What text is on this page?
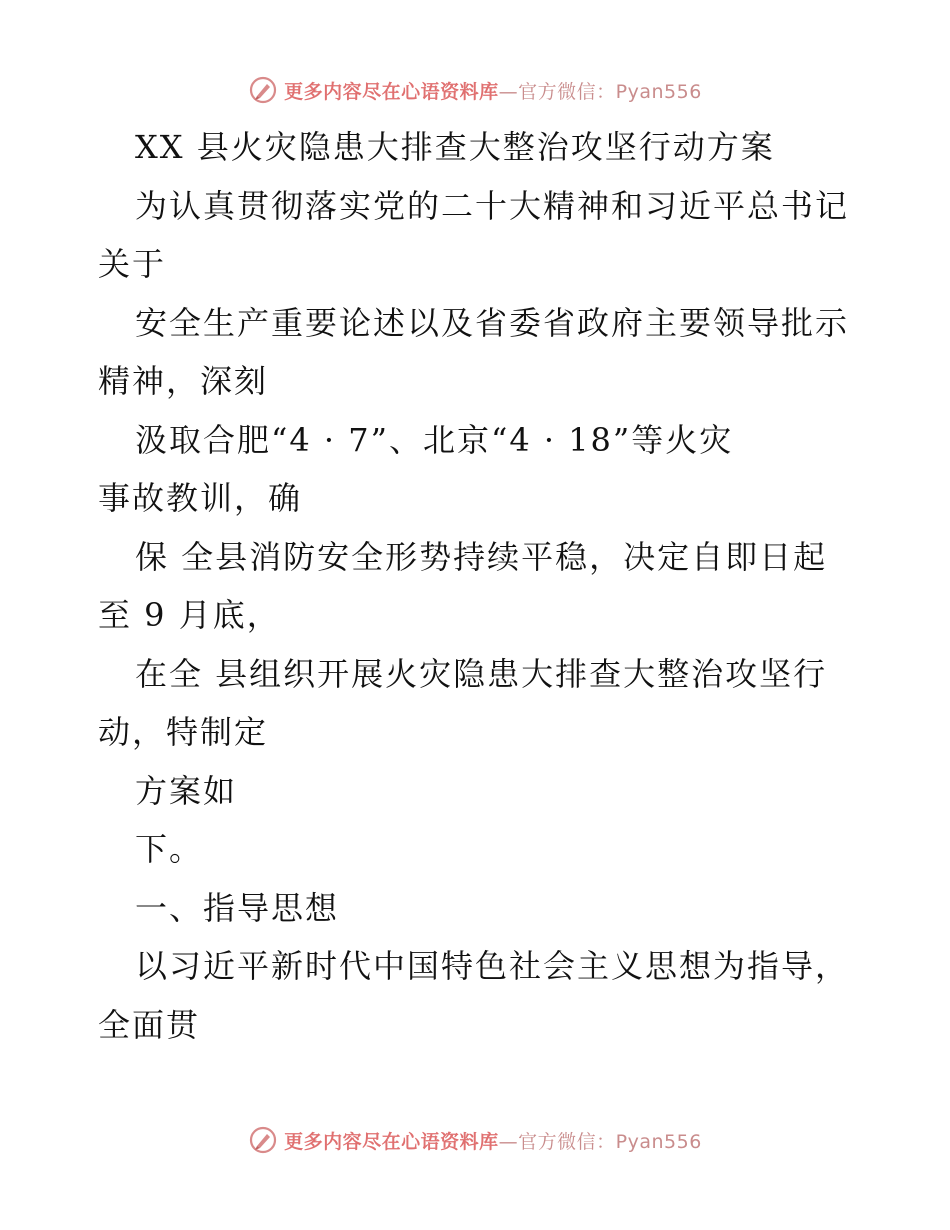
更多内容尽在心语资料库 —官方微信：Pyan556
XX 县火灾隐患大排查大整治攻坚行动方案
为认真贯彻落实党的二十大精神和习近平总书记
关于
安全生产重要论述以及省委省政府主要领导批示
精神，深刻
汲取合肥“4 · 7”、北京“4 · 18”等火灾
事故教训，确
保 全县消防安全形势持续平稳，决定自即日起
至 9 月底，
在全 县组织开展火灾隐患大排查大整治攻坚行
动，特制定
方案如
下。
一、指导思想
以习近平新时代中国特色社会主义思想为指导，
全面贯
更多内容尽在心语资料库 —官方微信：Pyan556
